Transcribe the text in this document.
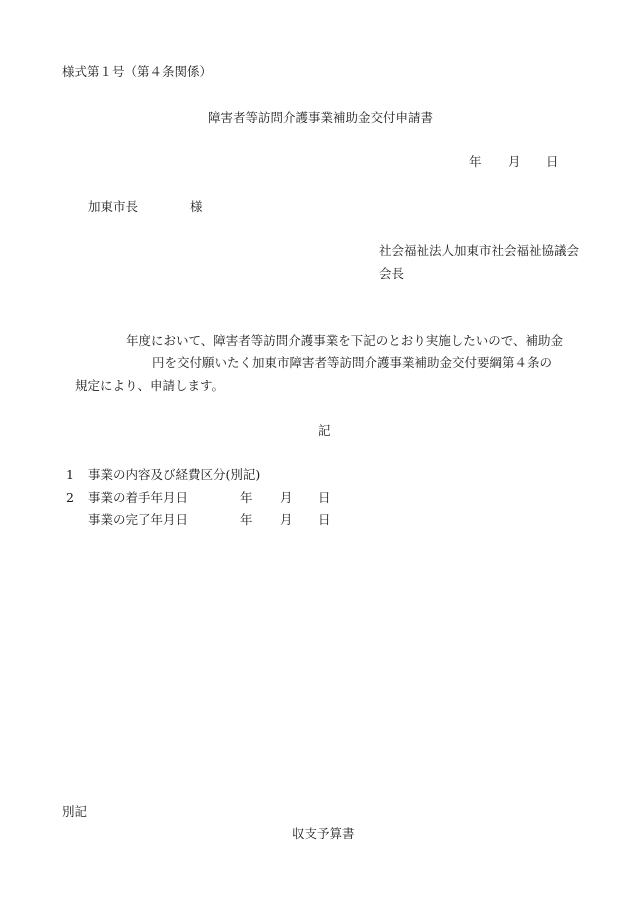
様式第１号（第４条関係）
障害者等訪問介護事業補助金交付申請書
年 月 日
加東市長	様
社会福祉法人加東市社会福祉協議会
会長
年度において、障害者等訪問介護事業を下記のとおり実施したいので、補助金
円を交付願いたく加東市障害者等訪問介護事業補助金交付要綱第４条の
規定により、申請します。
記
1 事業の内容及び経費区分(別記)
2 事業の着手年月日	年 月 日
事業の完了年月日	年 月 日
別記
収支予算書
